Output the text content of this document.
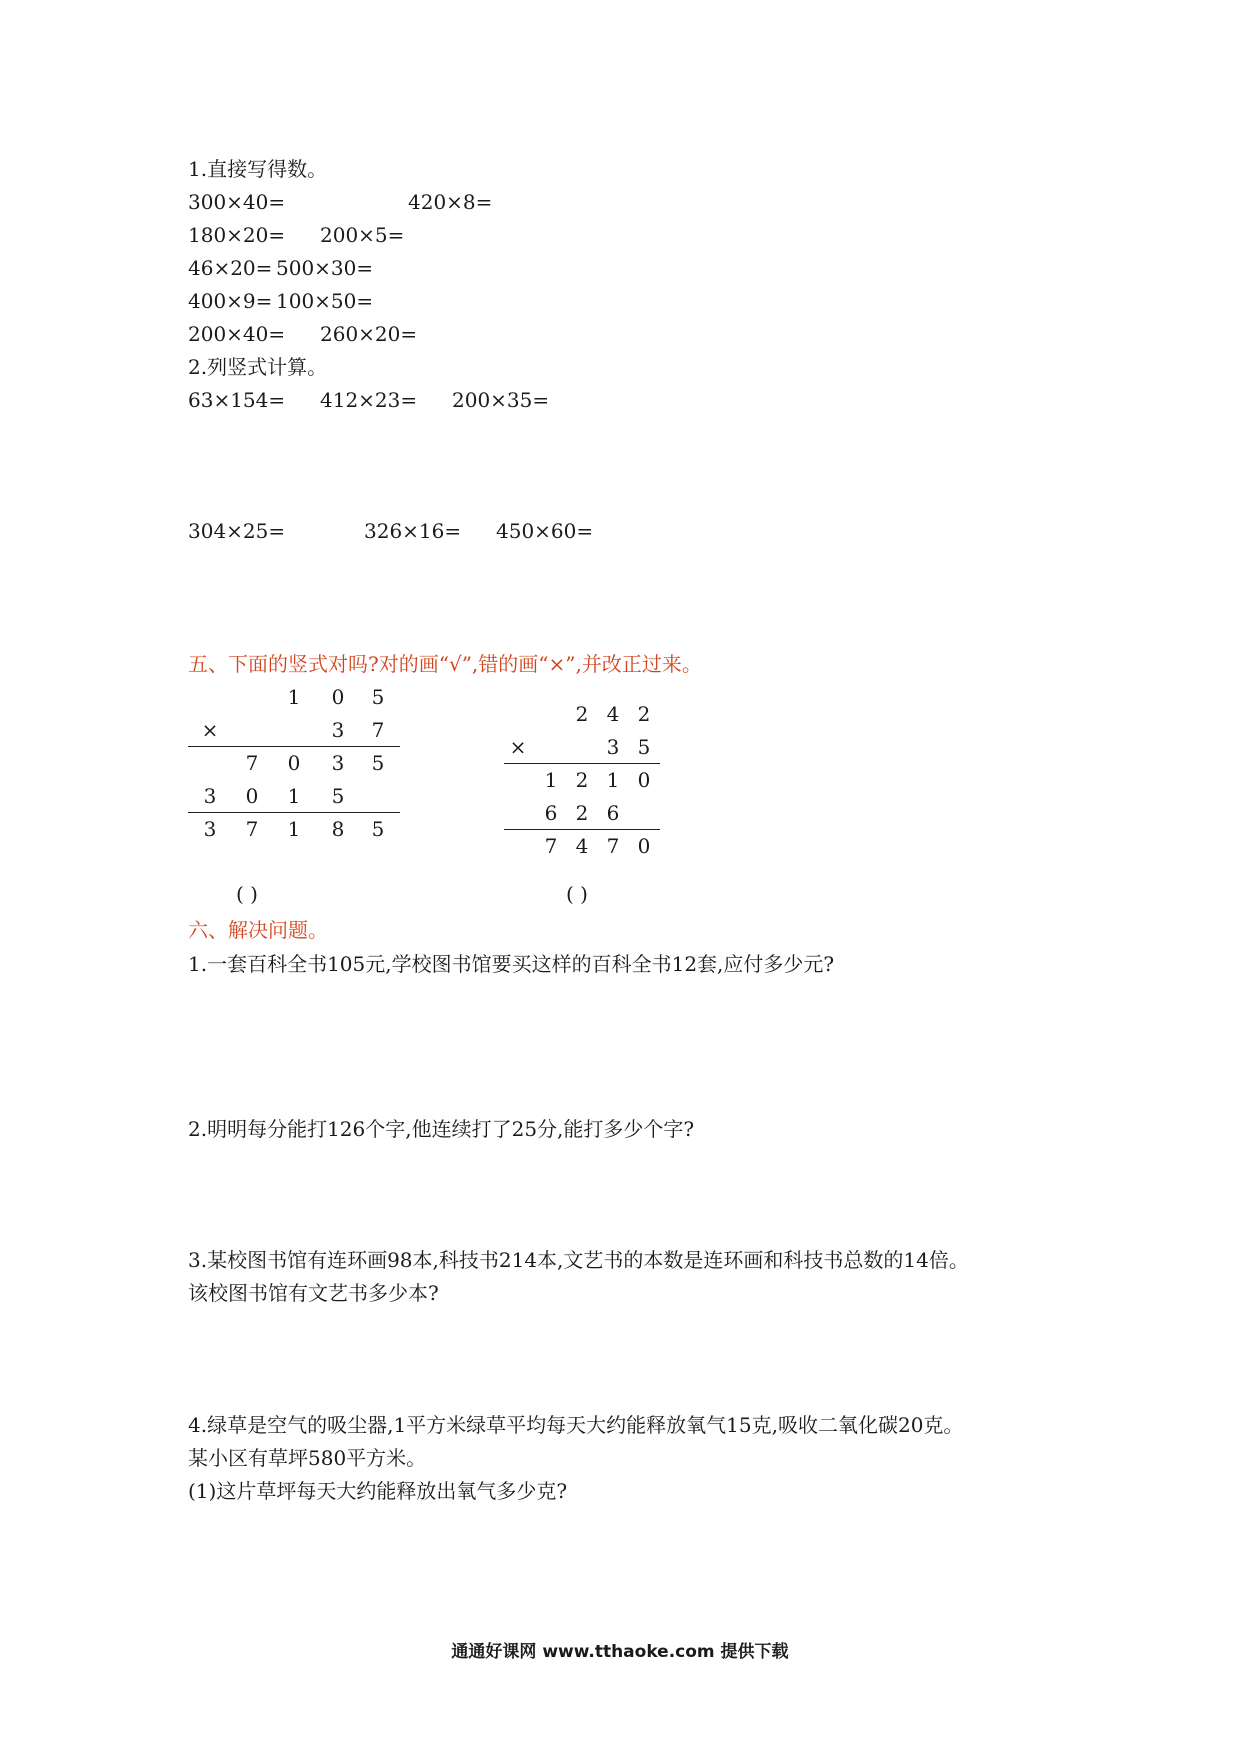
1.直接写得数。
300×40=	420×8=
180×20= 200×5=
46×20= 500×30=
400×9= 100×50=
200×40= 260×20=
2.列竖式计算。
63×154= 412×23= 200×35=
304×25=	326×16= 450×60=
五、下面的竖式对吗?对的画“√”,错的画“×”,并改正过来。
1 0 5
×	3 7
7 0 3 5
3 0 1 5
3 7 1 8 5
( )
2 4 2
×	3 5
1 2 1 0
6 2 6
7 4 7 0
( )
六、解决问题。
1.一套百科全书105元,学校图书馆要买这样的百科全书12套,应付多少元?
2.明明每分能打126个字,他连续打了25分,能打多少个字?
3.某校图书馆有连环画98本,科技书214本,文艺书的本数是连环画和科技书总数的14倍。
该校图书馆有文艺书多少本?
4.绿草是空气的吸尘器,1平方米绿草平均每天大约能释放氧气15克,吸收二氧化碳20克。
某小区有草坪580平方米。
(1)这片草坪每天大约能释放出氧气多少克?
通通好课网 www.tthaoke.com 提供下载
